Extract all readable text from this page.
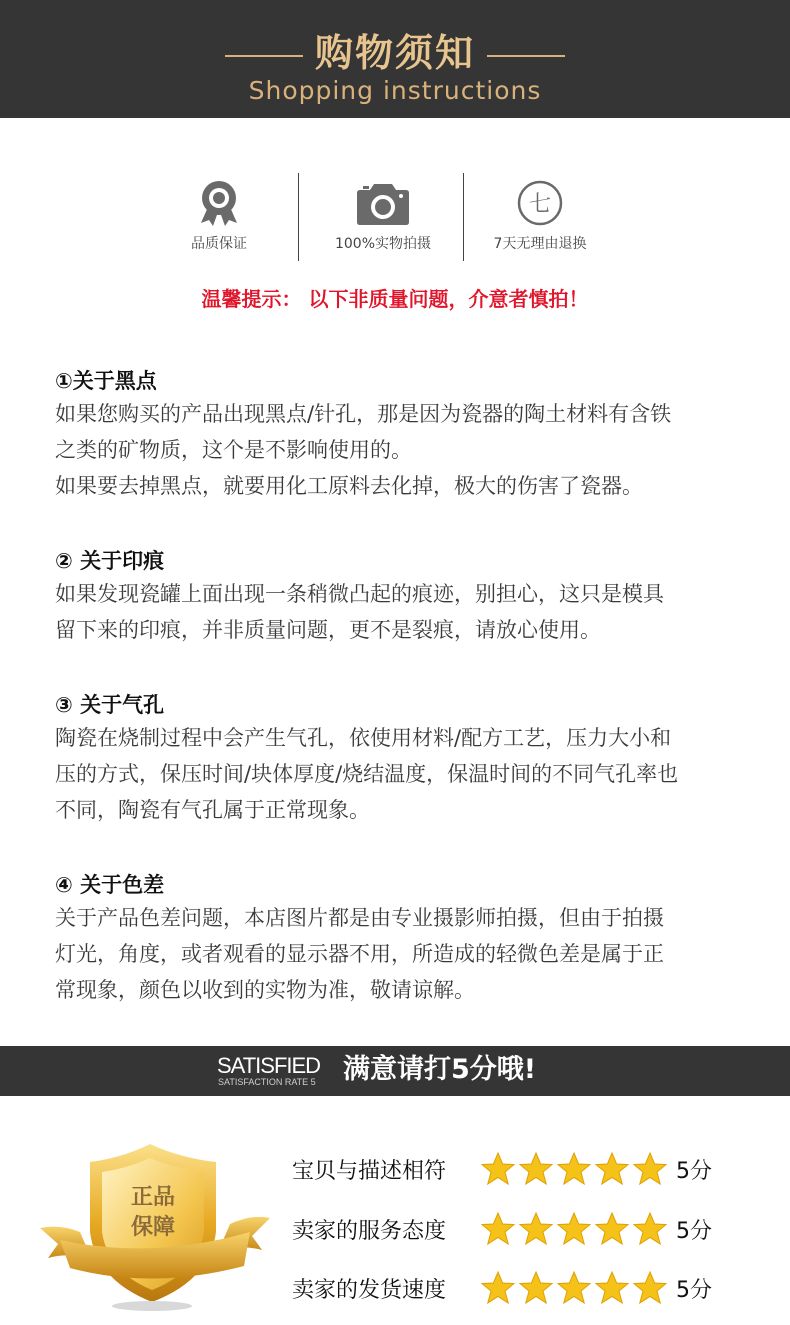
购物须知
Shopping instructions
品质保证	100%实物拍摄
七
7天无理由退换
温馨提示： 以下非质量问题，介意者慎拍！
①关于黑点

如果您购买的产品出现黑点/针孔，那是因为瓷器的陶土材料有含铁

之类的矿物质，这个是不影响使用的。

如果要去掉黑点，就要用化工原料去化掉，极大的伤害了瓷器。

② 关于印痕

如果发现瓷罐上面出现一条稍微凸起的痕迹，别担心，这只是模具

留下来的印痕，并非质量问题，更不是裂痕，请放心使用。

③ 关于气孔

陶瓷在烧制过程中会产生气孔，依使用材料/配方工艺，压力大小和

压的方式，保压时间/块体厚度/烧结温度，保温时间的不同气孔率也

不同，陶瓷有气孔属于正常现象。

④ 关于色差

关于产品色差问题，本店图片都是由专业摄影师拍摄，但由于拍摄

灯光，角度，或者观看的显示器不用，所造成的轻微色差是属于正

常现象，颜色以收到的实物为准，敬请谅解。

SATISFIED
SATISFACTION RATE 5 满意请打5分哦!
正品
保障
宝贝与描述相符	5分
卖家的服务态度	5分
卖家的发货速度	5分
